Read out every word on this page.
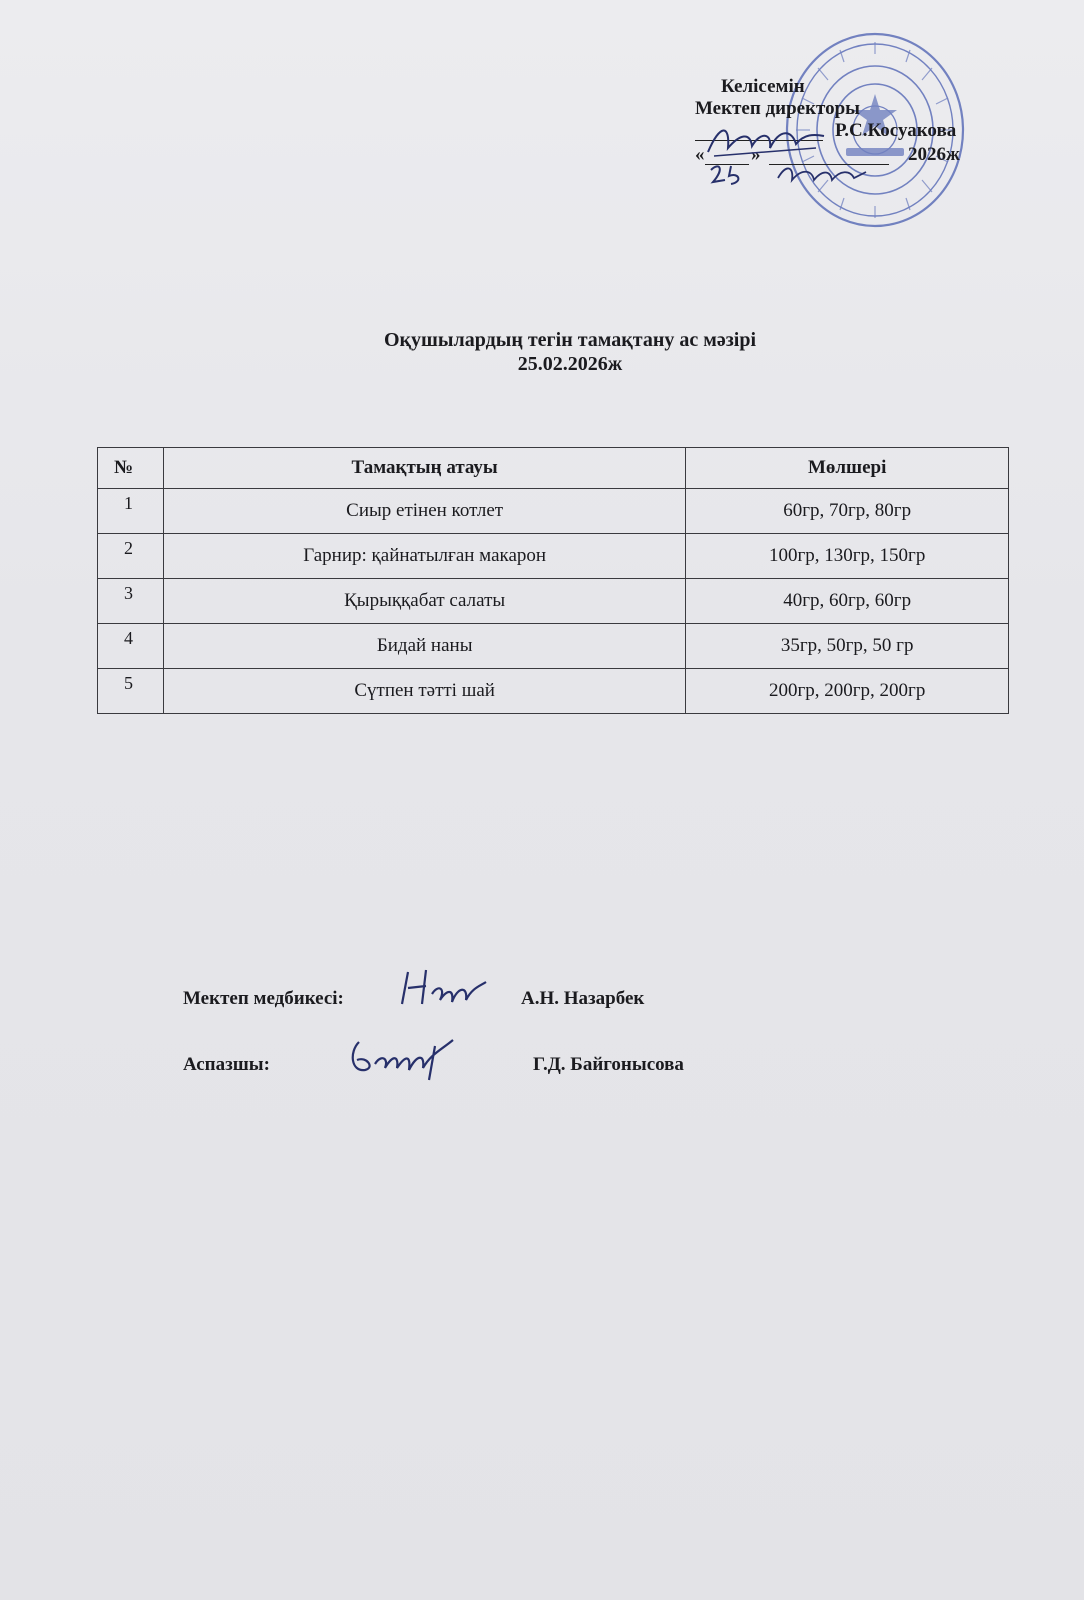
Келісемін
Мектеп директоры
Р.С.Косуакова
« »	2026ж
Оқушылардың тегін тамақтану ас мәзірі
25.02.2026ж
№	Тамақтың атауы	Мөлшері
1	Сиыр етінен котлет	60гр, 70гр, 80гр
2	Гарнир: қайнатылған макарон	100гр, 130гр, 150гр
3	Қырыққабат салаты	40гр, 60гр, 60гр
4	Бидай наны	35гр, 50гр, 50 гр
5	Сүтпен тәтті шай	200гр, 200гр, 200гр
Мектеп медбикесі:	А.Н. Назарбек
Аспазшы:	Г.Д. Байгонысова
